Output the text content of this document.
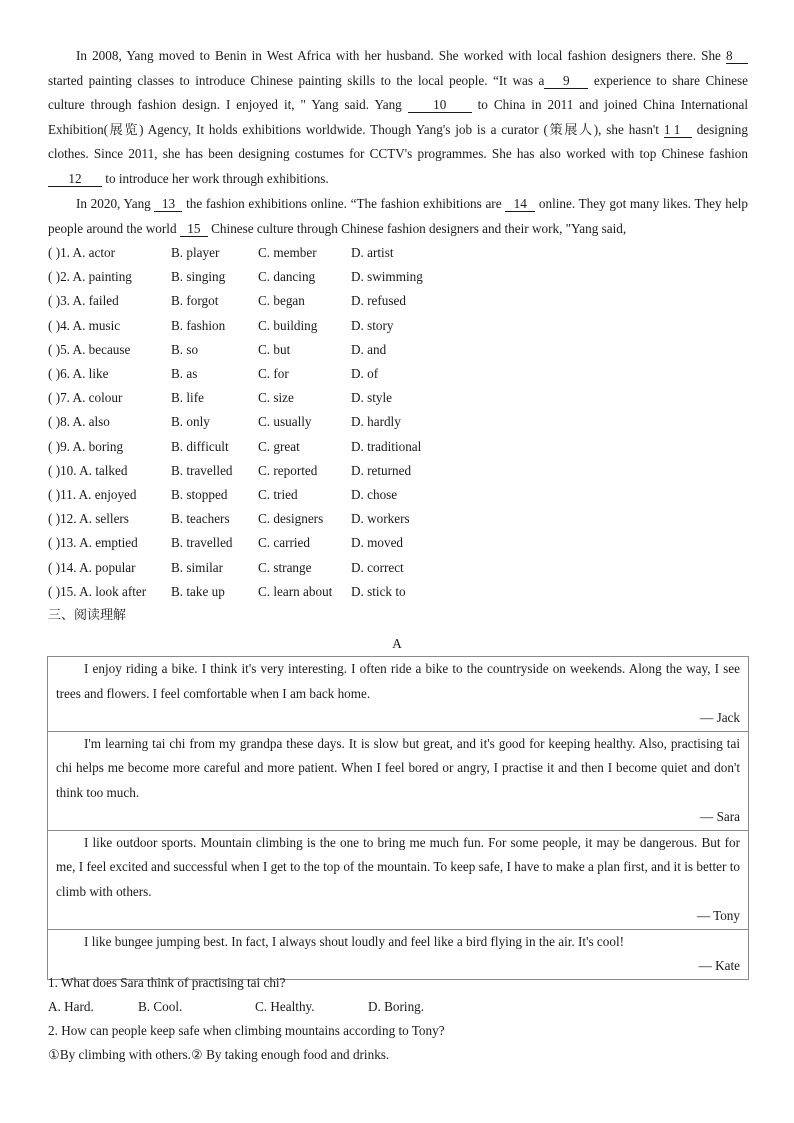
In 2008, Yang moved to Benin in West Africa with her husband. She worked with local fashion designers there. She 8 started painting classes to introduce Chinese painting skills to the local people. “It was a 9 experience to share Chinese culture through fashion design. I enjoyed it, " Yang said. Yang 10 to China in 2011 and joined China International Exhibition(展览) Agency, It holds exhibitions worldwide. Though Yang's job is a curator (策展人), she hasn't 1 1 designing clothes. Since 2011, she has been designing costumes for CCTV's programmes. She has also worked with top Chinese fashion 12 to introduce her work through exhibitions.
In 2020, Yang 13 the fashion exhibitions online. “The fashion exhibitions are 14 online. They got many likes. They help people around the world 15 Chinese culture through Chinese fashion designers and their work, "Yang said,
( )1. A. actor	B. player	C. member	D. artist
( )2. A. painting	B. singing C. dancing	D. swimming
( )3. A. failed	B. forgot	C. began	D. refused
( )4. A. music	B. fashion C. building	D. story
( )5. A. because	B. so	C. but	D. and
( )6. A. like	B. as	C. for	D. of
( )7. A. colour	B. life	C. size	D. style
( )8. A. also	B. only	C. usually	D. hardly
( )9. A. boring	B. difficult C. great	D. traditional
( )10. A. talked	B. travelled C. reported	D. returned
( )11. A. enjoyed	B. stopped C. tried	D. chose
( )12. A. sellers	B. teachers C. designers D. workers
( )13. A. emptied	B. travelled C. carried	D. moved
( )14. A. popular	B. similar	C. strange	D. correct
( )15. A. look after B. take up	C. learn about D. stick to
三、阅读理解
A

I enjoy riding a bike. I think it's very interesting. I often ride a bike to the countryside on weekends. Along the way, I see trees and flowers. I feel comfortable when I am back home.

— Jack

I'm learning tai chi from my grandpa these days. It is slow but great, and it's good for keeping healthy. Also, practising tai chi helps me become more careful and more patient. When I feel bored or angry, I practise it and then I become quiet and don't think too much.

— Sara

I like outdoor sports. Mountain climbing is the one to bring me much fun. For some people, it may be dangerous. But for me, I feel excited and successful when I get to the top of the mountain. To keep safe, I have to make a plan first, and it is better to climb with others.

— Tony

I like bungee jumping best. In fact, I always shout loudly and feel like a bird flying in the air. It's cool!

— Kate
1. What does Sara think of practising tai chi?
A. Hard.	B. Cool.	C. Healthy.	D. Boring.
2. How can people keep safe when climbing mountains according to Tony?
①By climbing with others.② By taking enough food and drinks.
